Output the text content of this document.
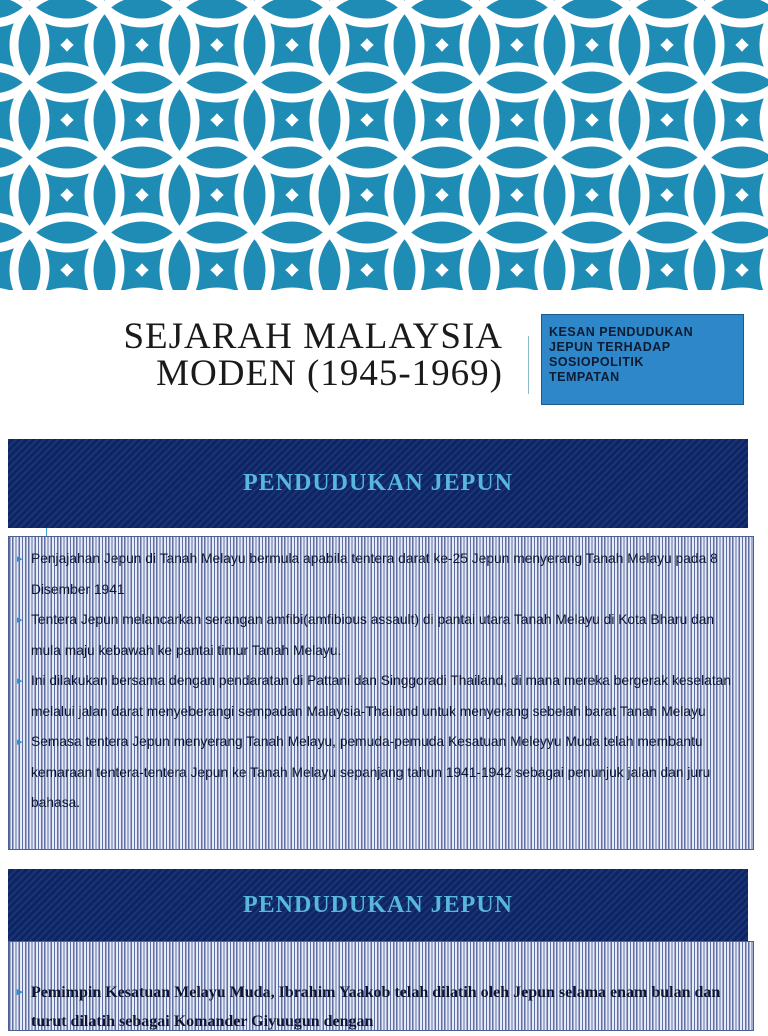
SEJARAH MALAYSIA
MODEN (1945-1969)
KESAN PENDUDUKAN
JEPUN TERHADAP
SOSIOPOLITIK
TEMPATAN
PENDUDUKAN JEPUN

▸ Penjajahan Jepun di Tanah Melayu bermula apabila tentera darat ke-25 Jepun menyerang Tanah Melayu pada 8 Disember 1941

▸ Tentera Jepun melancarkan serangan amfibi(amfibious assault) di pantai utara Tanah Melayu di Kota Bharu dan mula maju kebawah ke pantai timur Tanah Melayu.

▸ Ini dilakukan bersama dengan pendaratan di Pattani dan Singgoradi Thailand, di mana mereka bergerak keselatan melalui jalan darat menyeberangi sempadan Malaysia-Thailand untuk menyerang sebelah barat Tanah Melayu

▸ Semasa tentera Jepun menyerang Tanah Melayu, pemuda-pemuda Kesatuan Meleyyu Muda telah membantu kemaraan tentera-tentera Jepun ke Tanah Melayu sepanjang tahun 1941-1942 sebagai penunjuk jalan dan juru bahasa.

PENDUDUKAN JEPUN

▸ Pemimpin Kesatuan Melayu Muda, Ibrahim Yaakob telah dilatih oleh Jepun selama enam bulan dan turut dilatih sebagai Komander Giyuugun dengan
